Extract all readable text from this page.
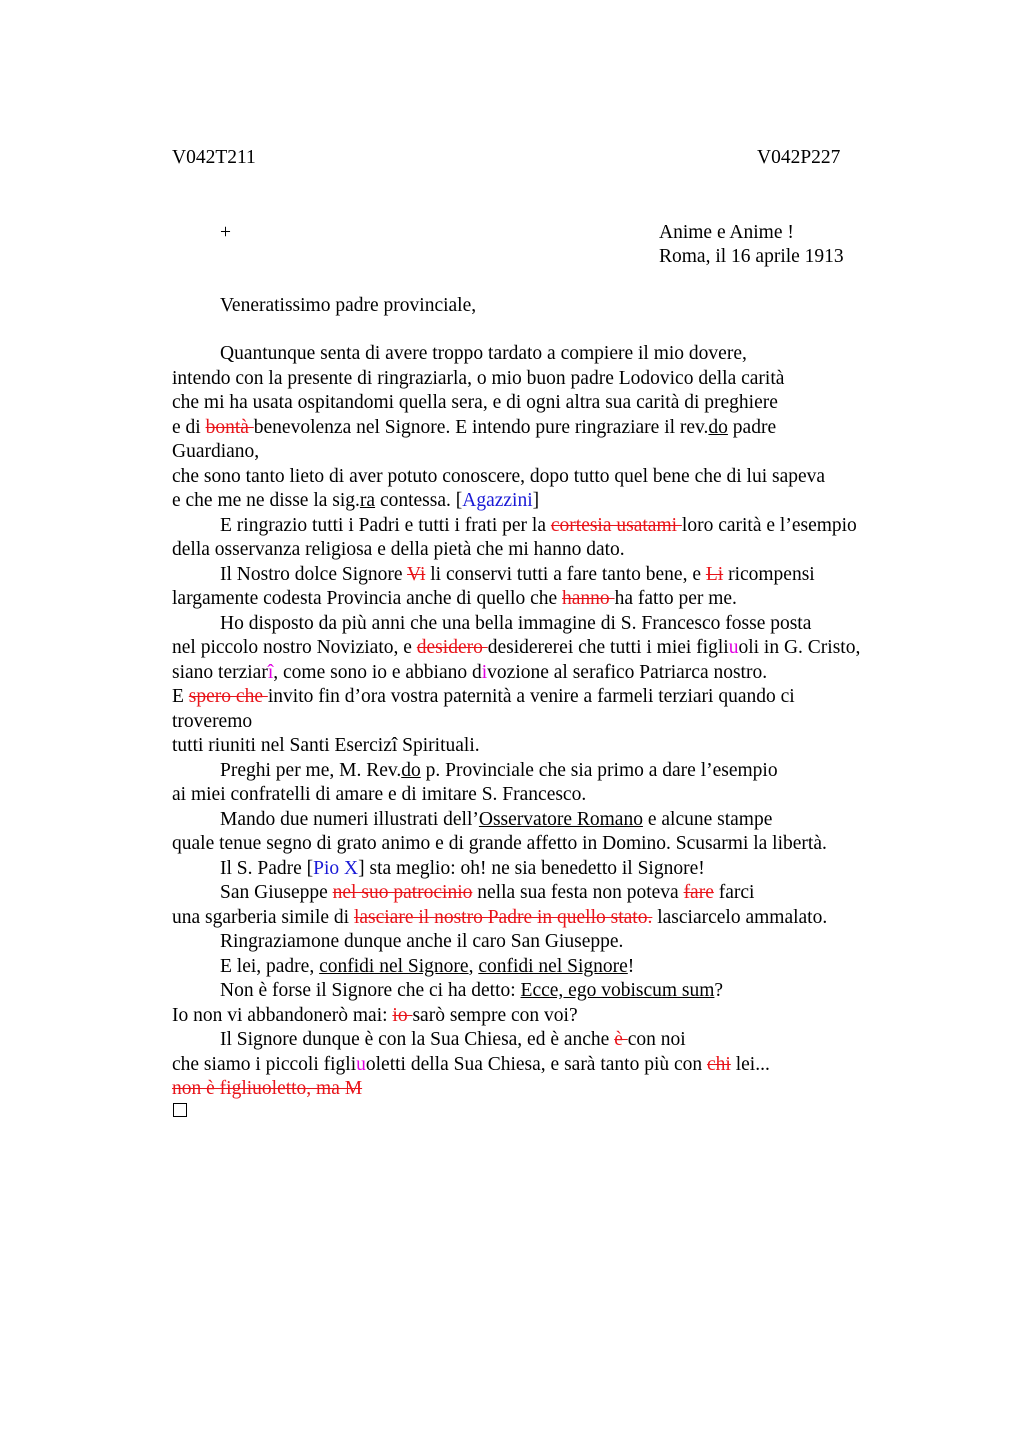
V042T211	V042P227
+	Anime e Anime !
Roma, il 16 aprile 1913
Veneratissimo padre provinciale,
Quantunque senta di avere troppo tardato a compiere il mio dovere,
intendo con la presente di ringraziarla, o mio buon padre Lodovico della carità
che mi ha usata ospitandomi quella sera, e di ogni altra sua carità di preghiere
e di bontà benevolenza nel Signore. E intendo pure ringraziare il rev.do padre
Guardiano,
che sono tanto lieto di aver potuto conoscere, dopo tutto quel bene che di lui sapeva
e che me ne disse la sig.ra contessa. [Agazzini]
E ringrazio tutti i Padri e tutti i frati per la cortesia usatami loro carità e l’esempio
della osservanza religiosa e della pietà che mi hanno dato.
Il Nostro dolce Signore Vi li conservi tutti a fare tanto bene, e Li ricompensi
largamente codesta Provincia anche di quello che hanno ha fatto per me.
Ho disposto da più anni che una bella immagine di S. Francesco fosse posta
nel piccolo nostro Noviziato, e desidero desidererei che tutti i miei figliuoli in G. Cristo,
siano terziarî, come sono io e abbiano divozione al serafico Patriarca nostro.
E spero che invito fin d’ora vostra paternità a venire a farmeli terziari quando ci
troveremo
tutti riuniti nel Santi Esercizî Spirituali.
Preghi per me, M. Rev.do p. Provinciale che sia primo a dare l’esempio
ai miei confratelli di amare e di imitare S. Francesco.
Mando due numeri illustrati dell’Osservatore Romano e alcune stampe
quale tenue segno di grato animo e di grande affetto in Domino. Scusarmi la libertà.
Il S. Padre [Pio X] sta meglio: oh! ne sia benedetto il Signore!
San Giuseppe nel suo patrocinio nella sua festa non poteva fare farci
una sgarberia simile di lasciare il nostro Padre in quello stato. lasciarcelo ammalato.
Ringraziamone dunque anche il caro San Giuseppe.
E lei, padre, confidi nel Signore, confidi nel Signore!
Non è forse il Signore che ci ha detto: Ecce, ego vobiscum sum?
Io non vi abbandonerò mai: io sarò sempre con voi?
Il Signore dunque è con la Sua Chiesa, ed è anche è con noi
che siamo i piccoli figliuoletti della Sua Chiesa, e sarà tanto più con chi lei...
non è figliuoletto, ma M
